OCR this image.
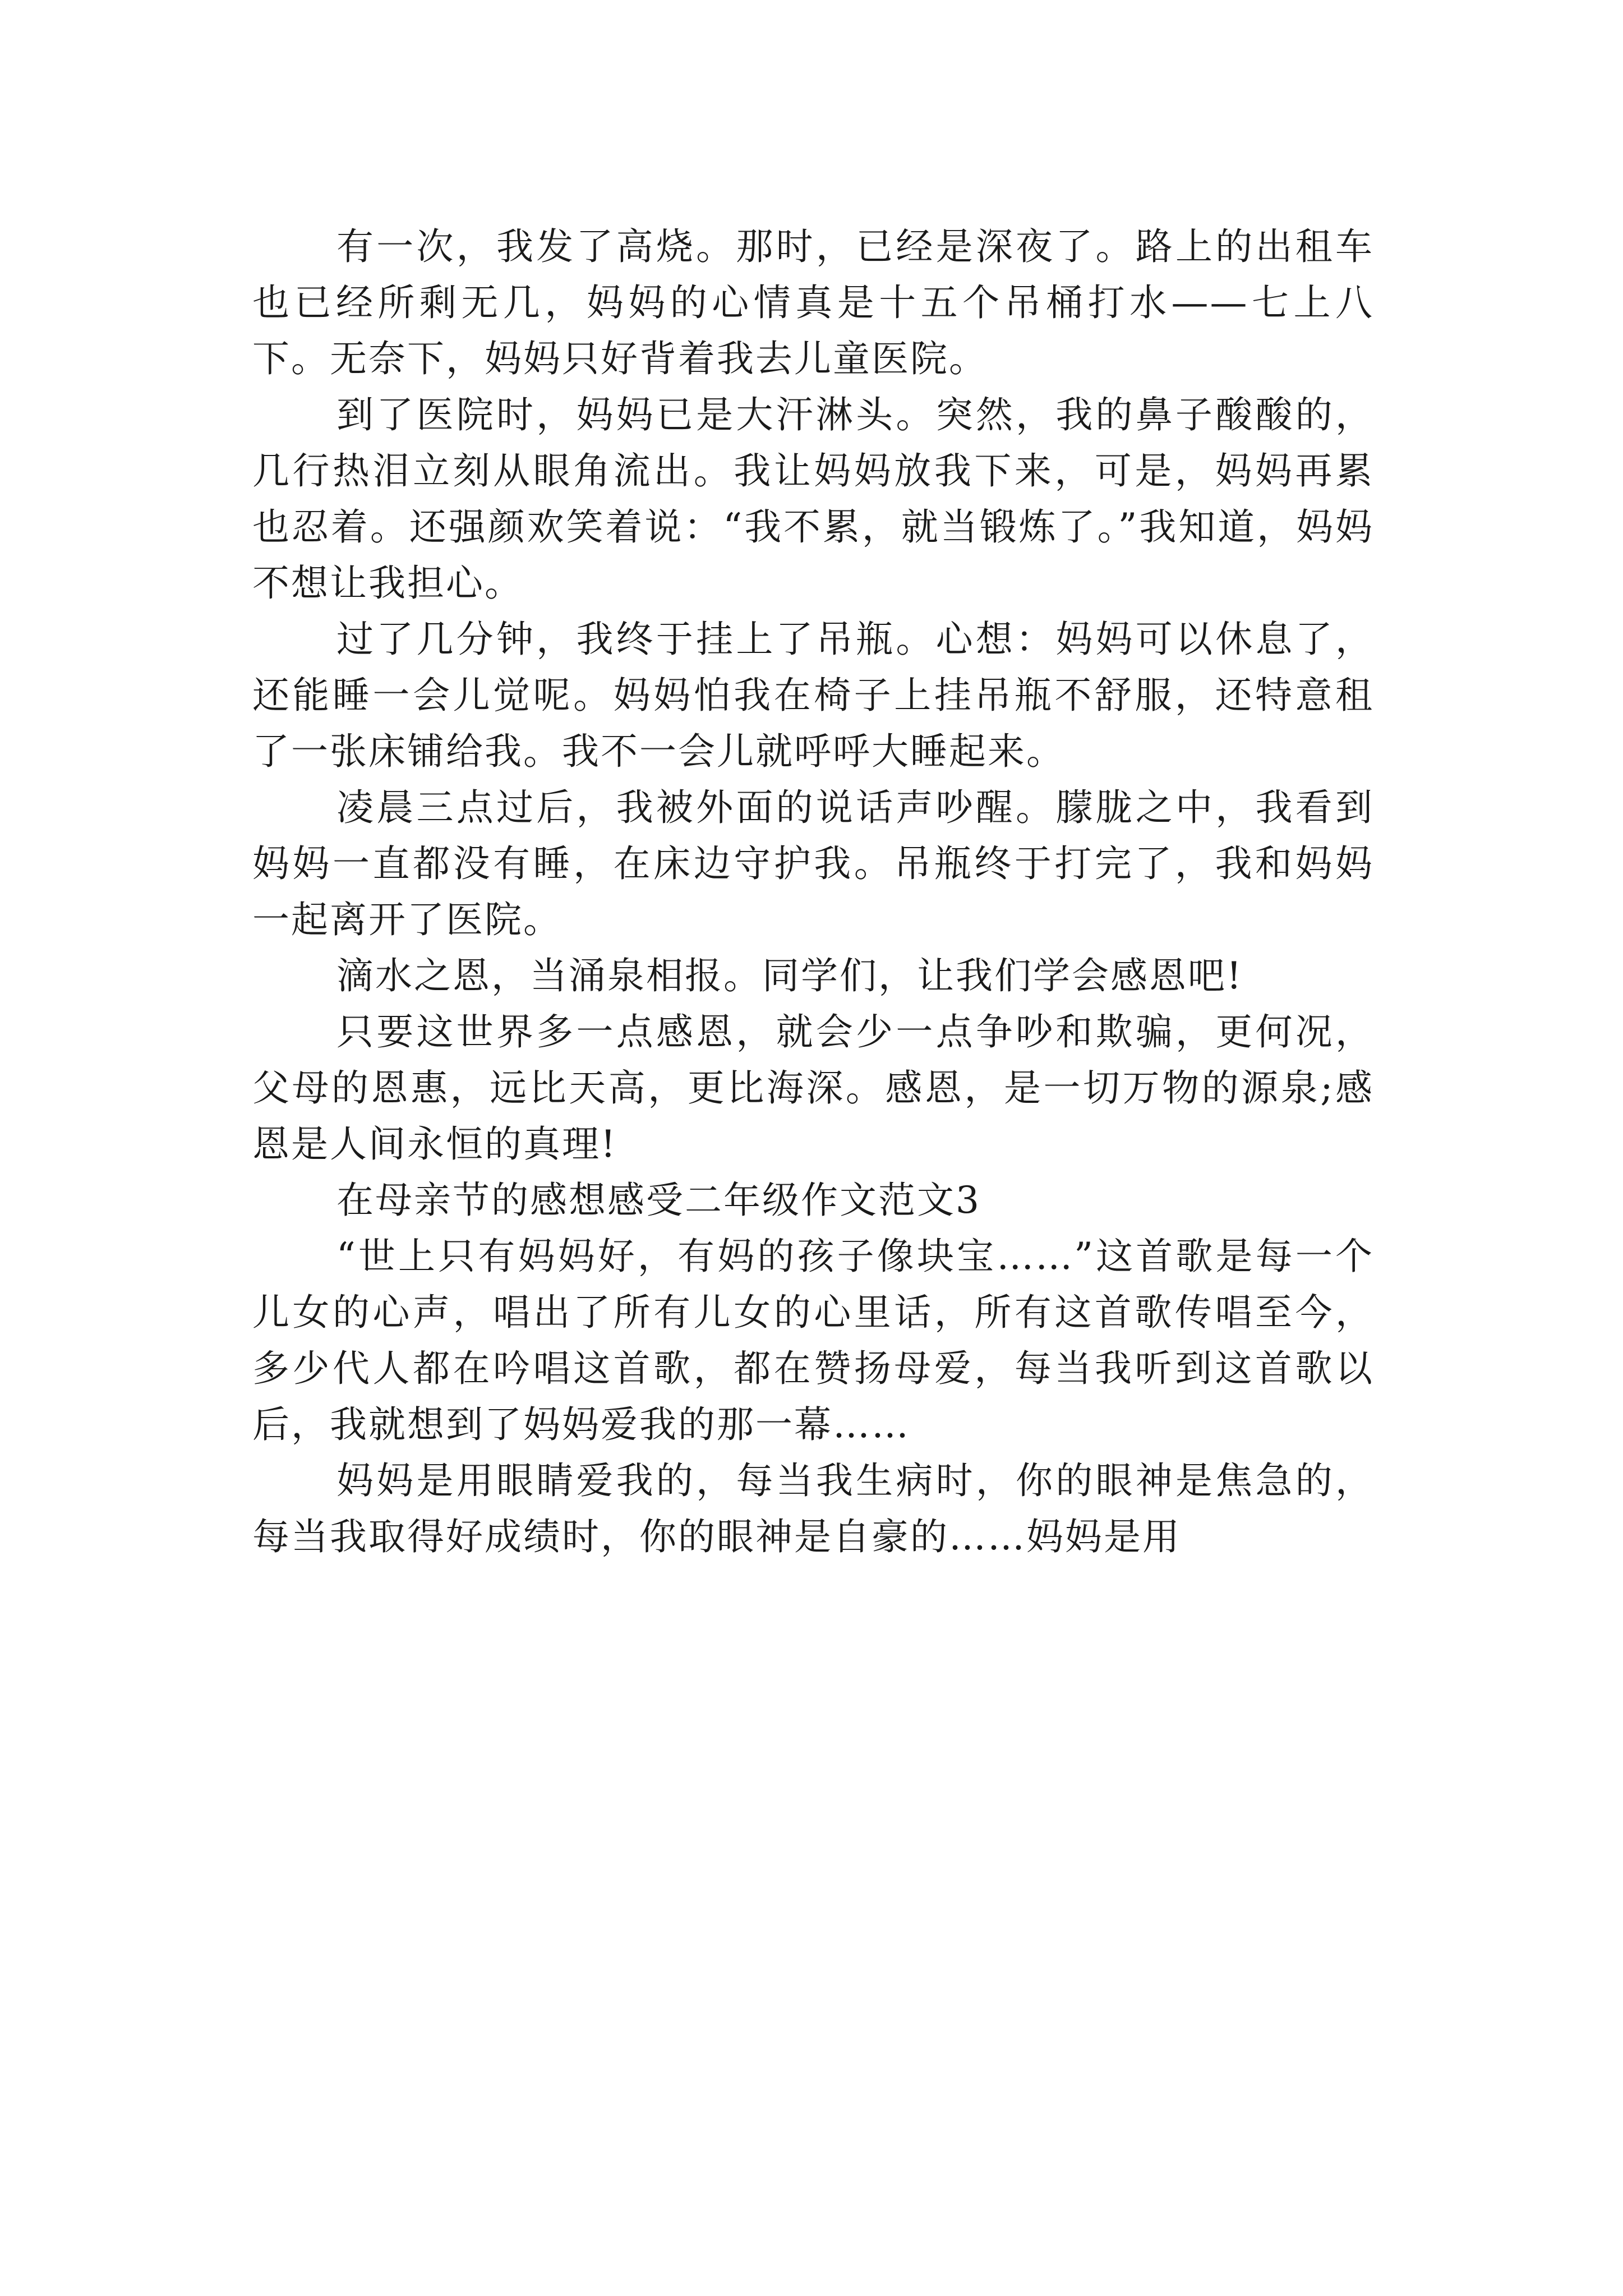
有一次，我发了高烧。那时，已经是深夜了。路上的出租车也已经所剩无几，妈妈的心情真是十五个吊桶打水——七上八下。无奈下，妈妈只好背着我去儿童医院。

到了医院时，妈妈已是大汗淋头。突然，我的鼻子酸酸的，几行热泪立刻从眼角流出。我让妈妈放我下来，可是，妈妈再累也忍着。还强颜欢笑着说：“我不累，就当锻炼了。”我知道，妈妈不想让我担心。

过了几分钟，我终于挂上了吊瓶。心想：妈妈可以休息了，还能睡一会儿觉呢。妈妈怕我在椅子上挂吊瓶不舒服，还特意租了一张床铺给我。我不一会儿就呼呼大睡起来。

凌晨三点过后，我被外面的说话声吵醒。朦胧之中，我看到妈妈一直都没有睡，在床边守护我。吊瓶终于打完了，我和妈妈一起离开了医院。

滴水之恩，当涌泉相报。同学们，让我们学会感恩吧!

只要这世界多一点感恩，就会少一点争吵和欺骗，更何况，父母的恩惠，远比天高，更比海深。感恩，是一切万物的源泉;感恩是人间永恒的真理!

在母亲节的感想感受二年级作文范文3

“世上只有妈妈好，有妈的孩子像块宝……”这首歌是每一个儿女的心声，唱出了所有儿女的心里话，所有这首歌传唱至今，多少代人都在吟唱这首歌，都在赞扬母爱，每当我听到这首歌以后，我就想到了妈妈爱我的那一幕……

妈妈是用眼睛爱我的，每当我生病时，你的眼神是焦急的，每当我取得好成绩时，你的眼神是自豪的……妈妈是用
